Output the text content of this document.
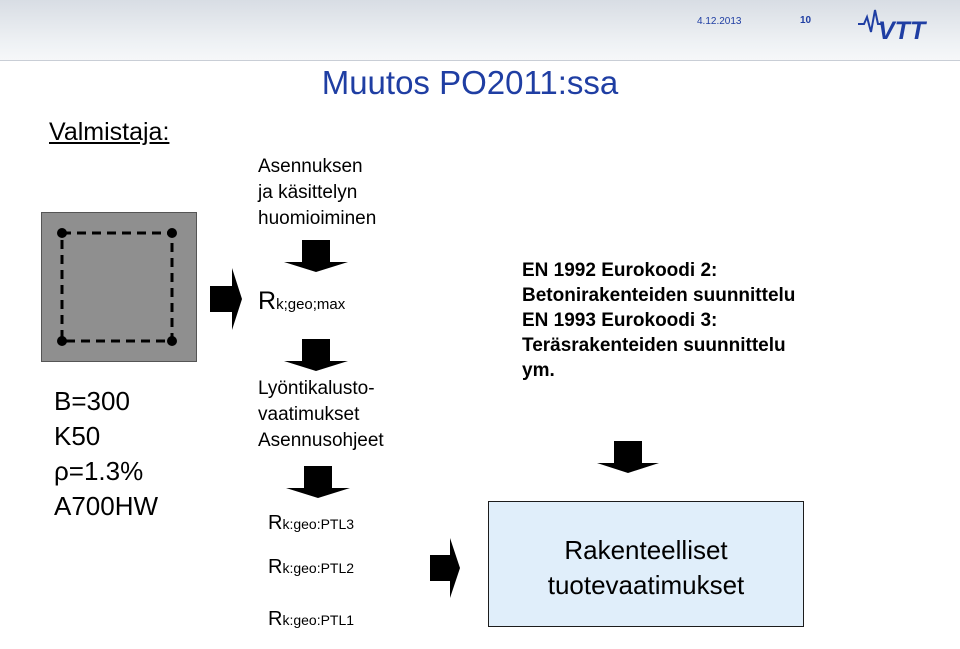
4.12.2013	10	VTT
Muutos PO2011:ssa
Valmistaja:
B=300
K50
ρ=1.3%
A700HW
Asennuksen
ja käsittelyn
huomioiminen
Rk;geo;max
Lyöntikalusto-
vaatimukset
Asennusohjeet
Rk:geo:PTL3
Rk:geo:PTL2
Rk:geo:PTL1
EN 1992 Eurokoodi 2:
Betonirakenteiden suunnittelu
EN 1993 Eurokoodi 3:
Teräsrakenteiden suunnittelu
ym.
Rakenteelliset
tuotevaatimukset
